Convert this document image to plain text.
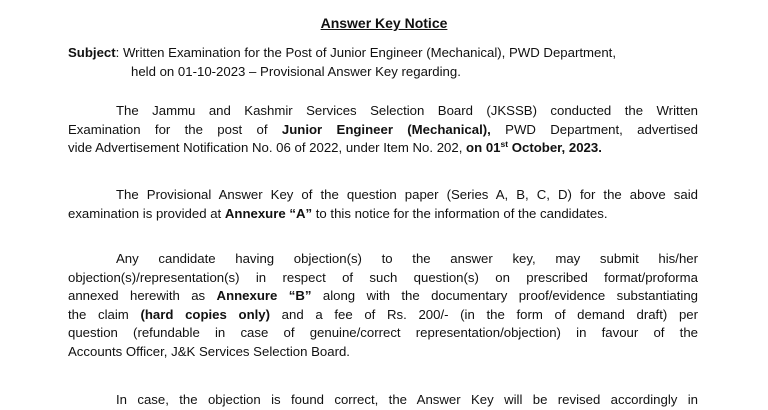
Answer Key Notice
Subject: Written Examination for the Post of Junior Engineer (Mechanical), PWD Department,
held on 01-10-2023 – Provisional Answer Key regarding.
The Jammu and Kashmir Services Selection Board (JKSSB) conducted the Written
Examination for the post of Junior Engineer (Mechanical), PWD Department, advertised
vide Advertisement Notification No. 06 of 2022, under Item No. 202, on 01st October, 2023.
The Provisional Answer Key of the question paper (Series A, B, C, D) for the above said
examination is provided at Annexure “A” to this notice for the information of the candidates.
Any candidate having objection(s) to the answer key, may submit his/her
objection(s)/representation(s) in respect of such question(s) on prescribed format/proforma
annexed herewith as Annexure “B” along with the documentary proof/evidence substantiating
the claim (hard copies only) and a fee of Rs. 200/- (in the form of demand draft) per
question (refundable in case of genuine/correct representation/objection) in favour of the
Accounts Officer, J&K Services Selection Board.
In case, the objection is found correct, the Answer Key will be revised accordingly in
